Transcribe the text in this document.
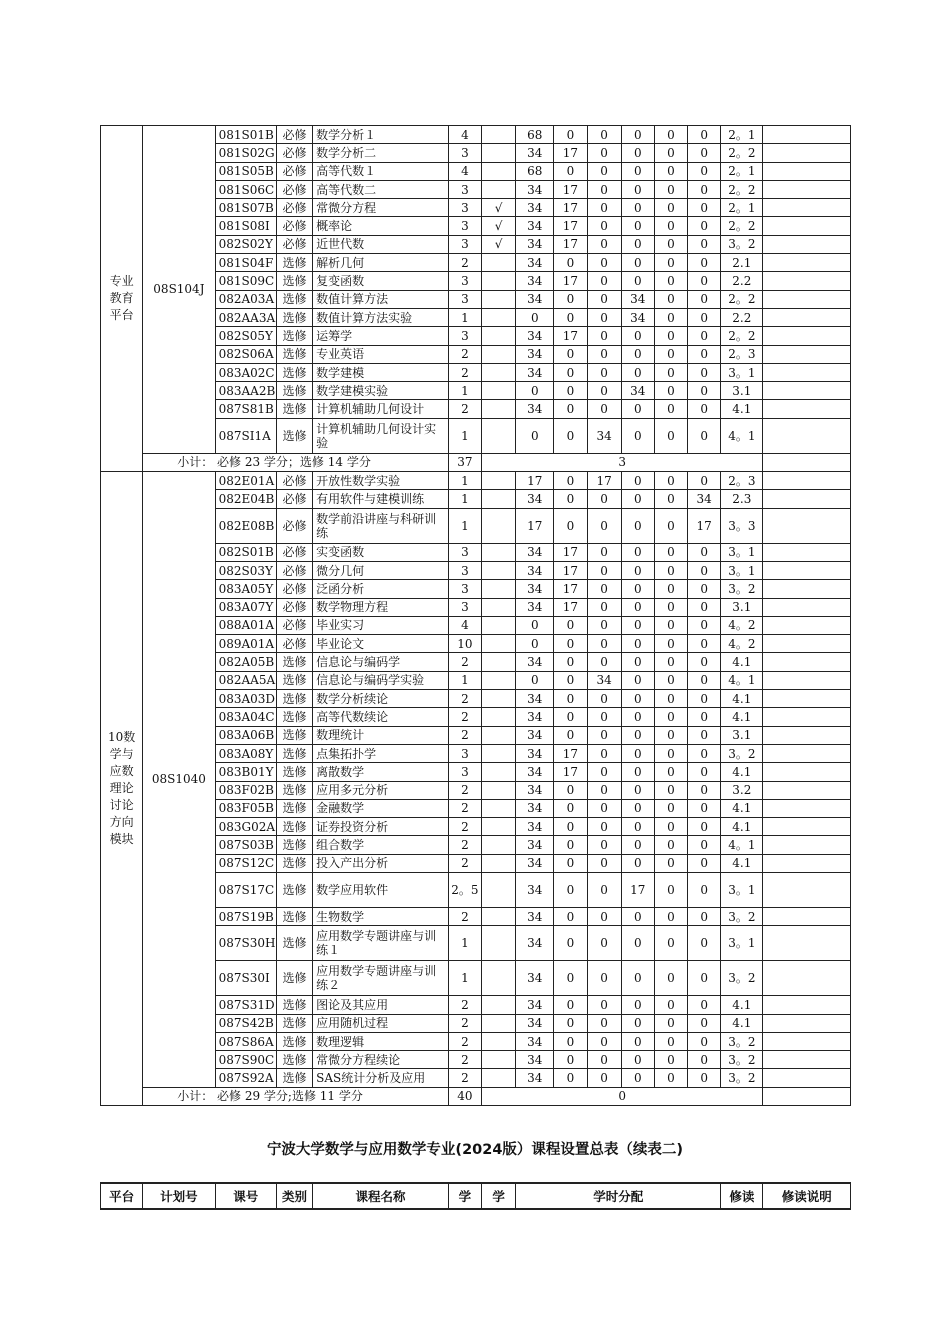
专业教育平台	08S104J	081S01B	必修	数学分析１	4		68	0	0	0	0	0	2。1	
		081S02G	必修	数学分析二	3		34	17	0	0	0	0	2。2	
		081S05B	必修	高等代数１	4		68	0	0	0	0	0	2。1	
		081S06C	必修	高等代数二	3		34	17	0	0	0	0	2。2	
		081S07B	必修	常微分方程	3	√	34	17	0	0	0	0	2。1	
		081S08I	必修	概率论	3	√	34	17	0	0	0	0	2。2	
		082S02Y	必修	近世代数	3	√	34	17	0	0	0	0	3。2	
		081S04F	选修	解析几何	2		34	0	0	0	0	0	2.1	
		081S09C	选修	复变函数	3		34	17	0	0	0	0	2.2	
		082A03A	选修	数值计算方法	3		34	0	0	34	0	0	2。2	
		082AA3A	选修	数值计算方法实验	1		0	0	0	34	0	0	2.2	
		082S05Y	选修	运筹学	3		34	17	0	0	0	0	2。2	
		082S06A	选修	专业英语	2		34	0	0	0	0	0	2。3	
		083A02C	选修	数学建模	2		34	0	0	0	0	0	3。1	
		083AA2B	选修	数学建模实验	1		0	0	0	34	0	0	3.1	
		087S81B	选修	计算机辅助几何设计	2		34	0	0	0	0	0	4.1	
		087SI1A	选修	计算机辅助几何设计实验	1		0	0	34	0	0	0	4。1	
	小计： 必修 23 学分；选修 14 学分				37	3								
10数学与应数理论讨论方向模块	08S1040	082E01A	必修	开放性数学实验	1		17	0	17	0	0	0	2。3	
		082E04B	必修	有用软件与建模训练	1		34	0	0	0	0	34	2.3	
		082E08B	必修	数学前沿讲座与科研训练	1		17	0	0	0	0	17	3。3	
		082S01B	必修	实变函数	3		34	17	0	0	0	0	3。1	
		082S03Y	必修	微分几何	3		34	17	0	0	0	0	3。1	
		083A05Y	必修	泛函分析	3		34	17	0	0	0	0	3。2	
		083A07Y	必修	数学物理方程	3		34	17	0	0	0	0	3.1	
		088A01A	必修	毕业实习	4		0	0	0	0	0	0	4。2	
		089A01A	必修	毕业论文	10		0	0	0	0	0	0	4。2	
		082A05B	选修	信息论与编码学	2		34	0	0	0	0	0	4.1	
		082AA5A	选修	信息论与编码学实验	1		0	0	34	0	0	0	4。1	
		083A03D	选修	数学分析续论	2		34	0	0	0	0	0	4.1	
		083A04C	选修	高等代数续论	2		34	0	0	0	0	0	4.1	
		083A06B	选修	数理统计	2		34	0	0	0	0	0	3.1	
		083A08Y	选修	点集拓扑学	3		34	17	0	0	0	0	3。2	
		083B01Y	选修	离散数学	3		34	17	0	0	0	0	4.1	
		083F02B	选修	应用多元分析	2		34	0	0	0	0	0	3.2	
		083F05B	选修	金融数学	2		34	0	0	0	0	0	4.1	
		083G02A	选修	证券投资分析	2		34	0	0	0	0	0	4.1	
		087S03B	选修	组合数学	2		34	0	0	0	0	0	4。1	
		087S12C	选修	投入产出分析	2		34	0	0	0	0	0	4.1	
		087S17C	选修	数学应用软件	2。5		34	0	0	17	0	0	3。1	
		087S19B	选修	生物数学	2		34	0	0	0	0	0	3。2	
		087S30H	选修	应用数学专题讲座与训练１	1		34	0	0	0	0	0	3。1	
		087S30I	选修	应用数学专题讲座与训练２	1		34	0	0	0	0	0	3。2	
		087S31D	选修	图论及其应用	2		34	0	0	0	0	0	4.1	
		087S42B	选修	应用随机过程	2		34	0	0	0	0	0	4.1	
		087S86A	选修	数理逻辑	2		34	0	0	0	0	0	3。2	
		087S90C	选修	常微分方程续论	2		34	0	0	0	0	0	3。2	
		087S92A	选修	SAS统计分析及应用	2		34	0	0	0	0	0	3。2	
	小计： 必修 29 学分;选修 11 学分				40	0								
宁波大学数学与应用数学专业(2024版）课程设置总表（续表二)
平台	计划号	课号	类别	课程名称	学	学	学时分配	修读	修读说明
